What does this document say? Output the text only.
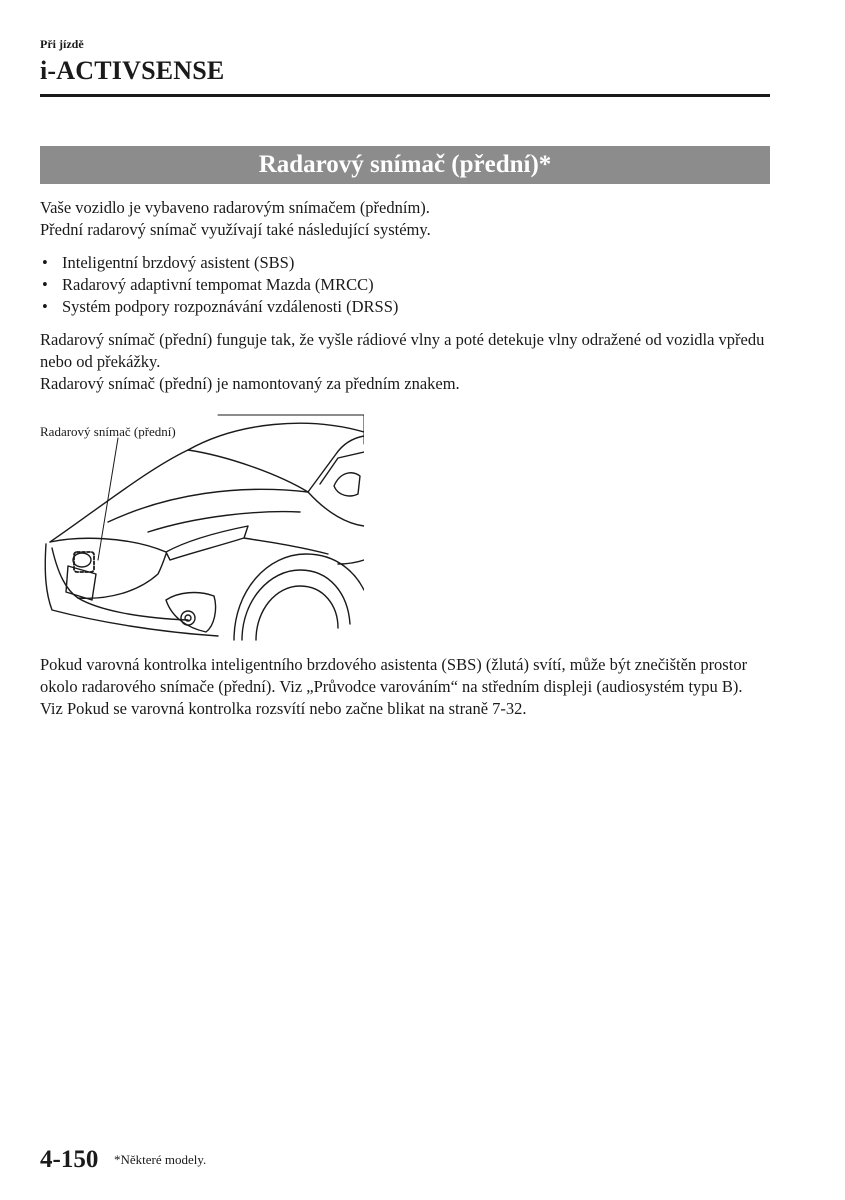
Při jízdě
i-ACTIVSENSE
Radarový snímač (přední)*

Vaše vozidlo je vybaveno radarovým snímačem (předním).

Přední radarový snímač využívají také následující systémy.

• Inteligentní brzdový asistent (SBS)
• Radarový adaptivní tempomat Mazda (MRCC)
• Systém podpory rozpoznávání vzdálenosti (DRSS)

Radarový snímač (přední) funguje tak, že vyšle rádiové vlny a poté detekuje vlny odražené od vozidla vpředu nebo od překážky.

Radarový snímač (přední) je namontovaný za předním znakem.

Radarový snímač (přední)

Pokud varovná kontrolka inteligentního brzdového asistenta (SBS) (žlutá) svítí, může být znečištěn prostor okolo radarového snímače (přední). Viz „Průvodce varováním“ na středním displeji (audiosystém typu B).

Viz Pokud se varovná kontrolka rozsvítí nebo začne blikat na straně 7-32.

4-150 *Některé modely.
